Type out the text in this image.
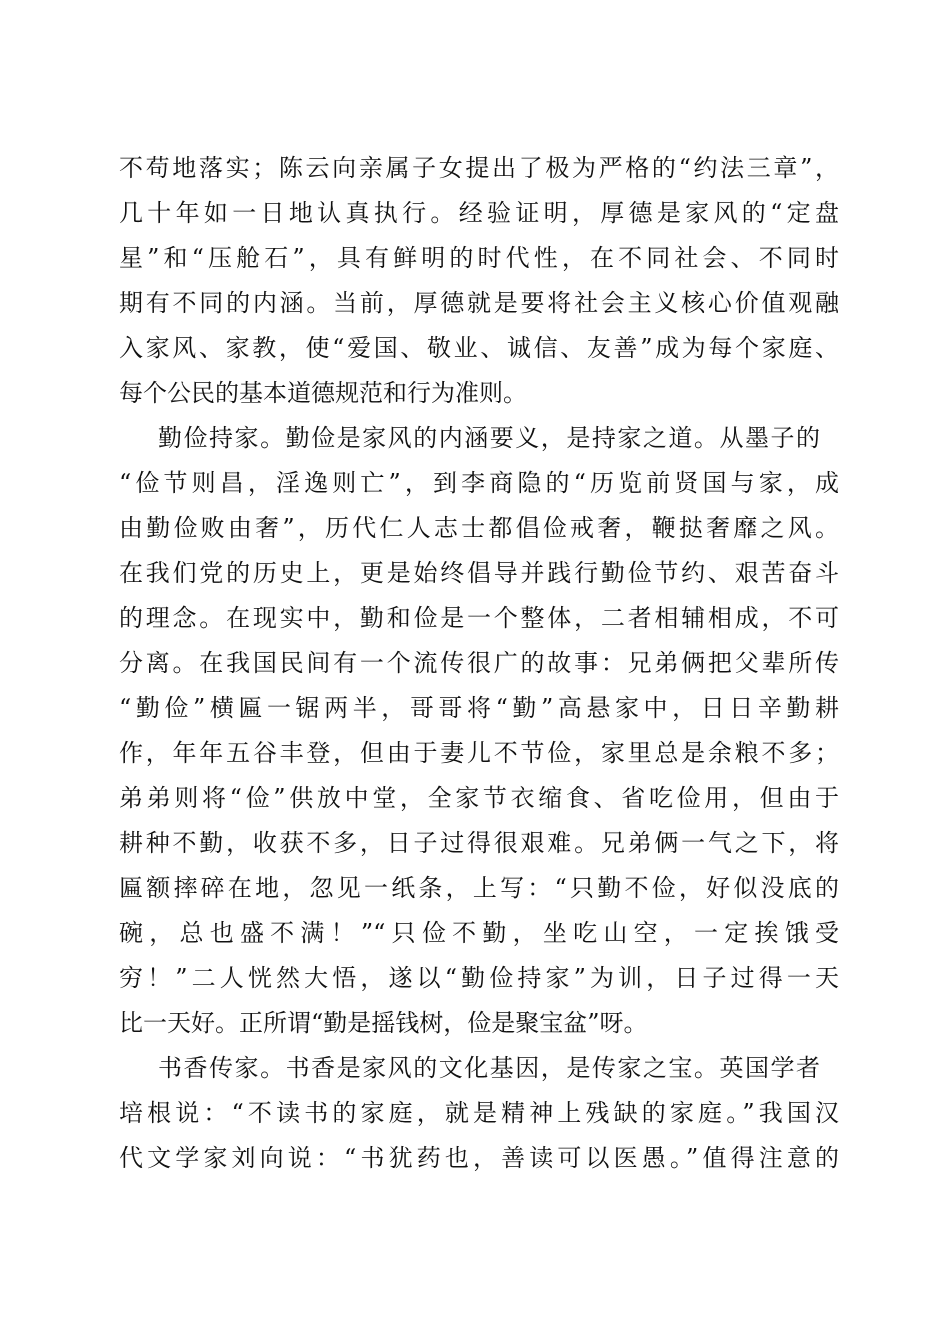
不苟地落实；陈云向亲属子女提出了极为严格的“约法三章”，
几十年如一日地认真执行。经验证明，厚德是家风的“定盘
星”和“压舱石”，具有鲜明的时代性，在不同社会、不同时
期有不同的内涵。当前，厚德就是要将社会主义核心价值观融
入家风、家教，使“爱国、敬业、诚信、友善”成为每个家庭、
每个公民的基本道德规范和行为准则。
勤俭持家。勤俭是家风的内涵要义，是持家之道。从墨子的
“俭节则昌，淫逸则亡”，到李商隐的“历览前贤国与家，成
由勤俭败由奢”，历代仁人志士都倡俭戒奢，鞭挞奢靡之风。
在我们党的历史上，更是始终倡导并践行勤俭节约、艰苦奋斗
的理念。在现实中，勤和俭是一个整体，二者相辅相成，不可
分离。在我国民间有一个流传很广的故事：兄弟俩把父辈所传
“勤俭”横匾一锯两半，哥哥将“勤”高悬家中，日日辛勤耕
作，年年五谷丰登，但由于妻儿不节俭，家里总是余粮不多；
弟弟则将“俭”供放中堂，全家节衣缩食、省吃俭用，但由于
耕种不勤，收获不多，日子过得很艰难。兄弟俩一气之下，将
匾额摔碎在地，忽见一纸条，上写：“只勤不俭，好似没底的
碗，总也盛不满！”“只俭不勤，坐吃山空，一定挨饿受
穷！”二人恍然大悟，遂以“勤俭持家”为训，日子过得一天
比一天好。正所谓“勤是摇钱树，俭是聚宝盆”呀。
书香传家。书香是家风的文化基因，是传家之宝。英国学者
培根说：“不读书的家庭，就是精神上残缺的家庭。”我国汉
代文学家刘向说：“书犹药也，善读可以医愚。”值得注意的
